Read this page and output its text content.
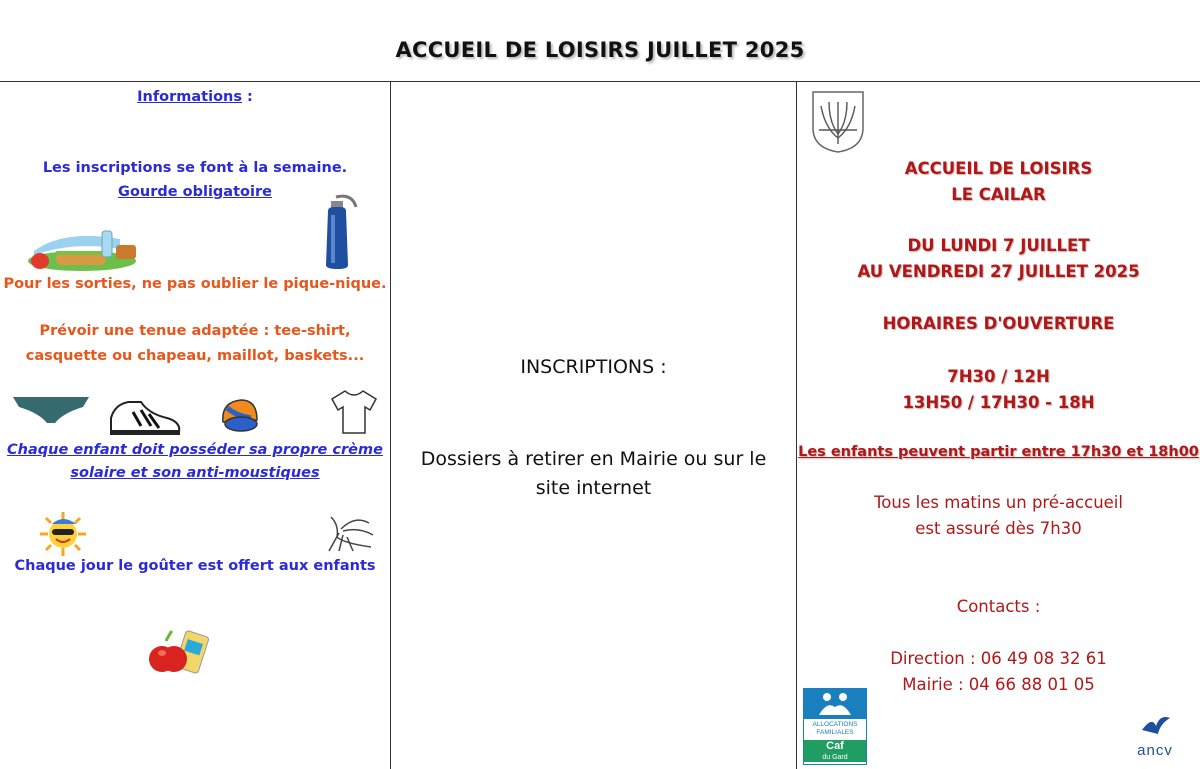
ACCUEIL DE LOISIRS JUILLET 2025
Informations :
Les inscriptions se font à la semaine.
Gourde obligatoire
Pour les sorties, ne pas oublier le pique-nique.
Prévoir une tenue adaptée : tee-shirt,
casquette ou chapeau, maillot, baskets...
Chaque enfant doit posséder sa propre crème
solaire et son anti-moustiques
Chaque jour le goûter est offert aux enfants
INSCRIPTIONS :
Dossiers à retirer en Mairie ou sur le
site internet
ACCUEIL DE LOISIRS
LE CAILAR
DU LUNDI 7 JUILLET
AU VENDREDI 27 JUILLET 2025
HORAIRES D'OUVERTURE
7H30 / 12H
13H50 / 17H30 - 18H
Les enfants peuvent partir entre 17h30 et 18h00
Tous les matins un pré-accueil
est assuré dès 7h30
Contacts :
Direction : 06 49 08 32 61
Mairie : 04 66 88 01 05
ALLOCATIONS
FAMILIALES
Caf
du Gard	ancv
